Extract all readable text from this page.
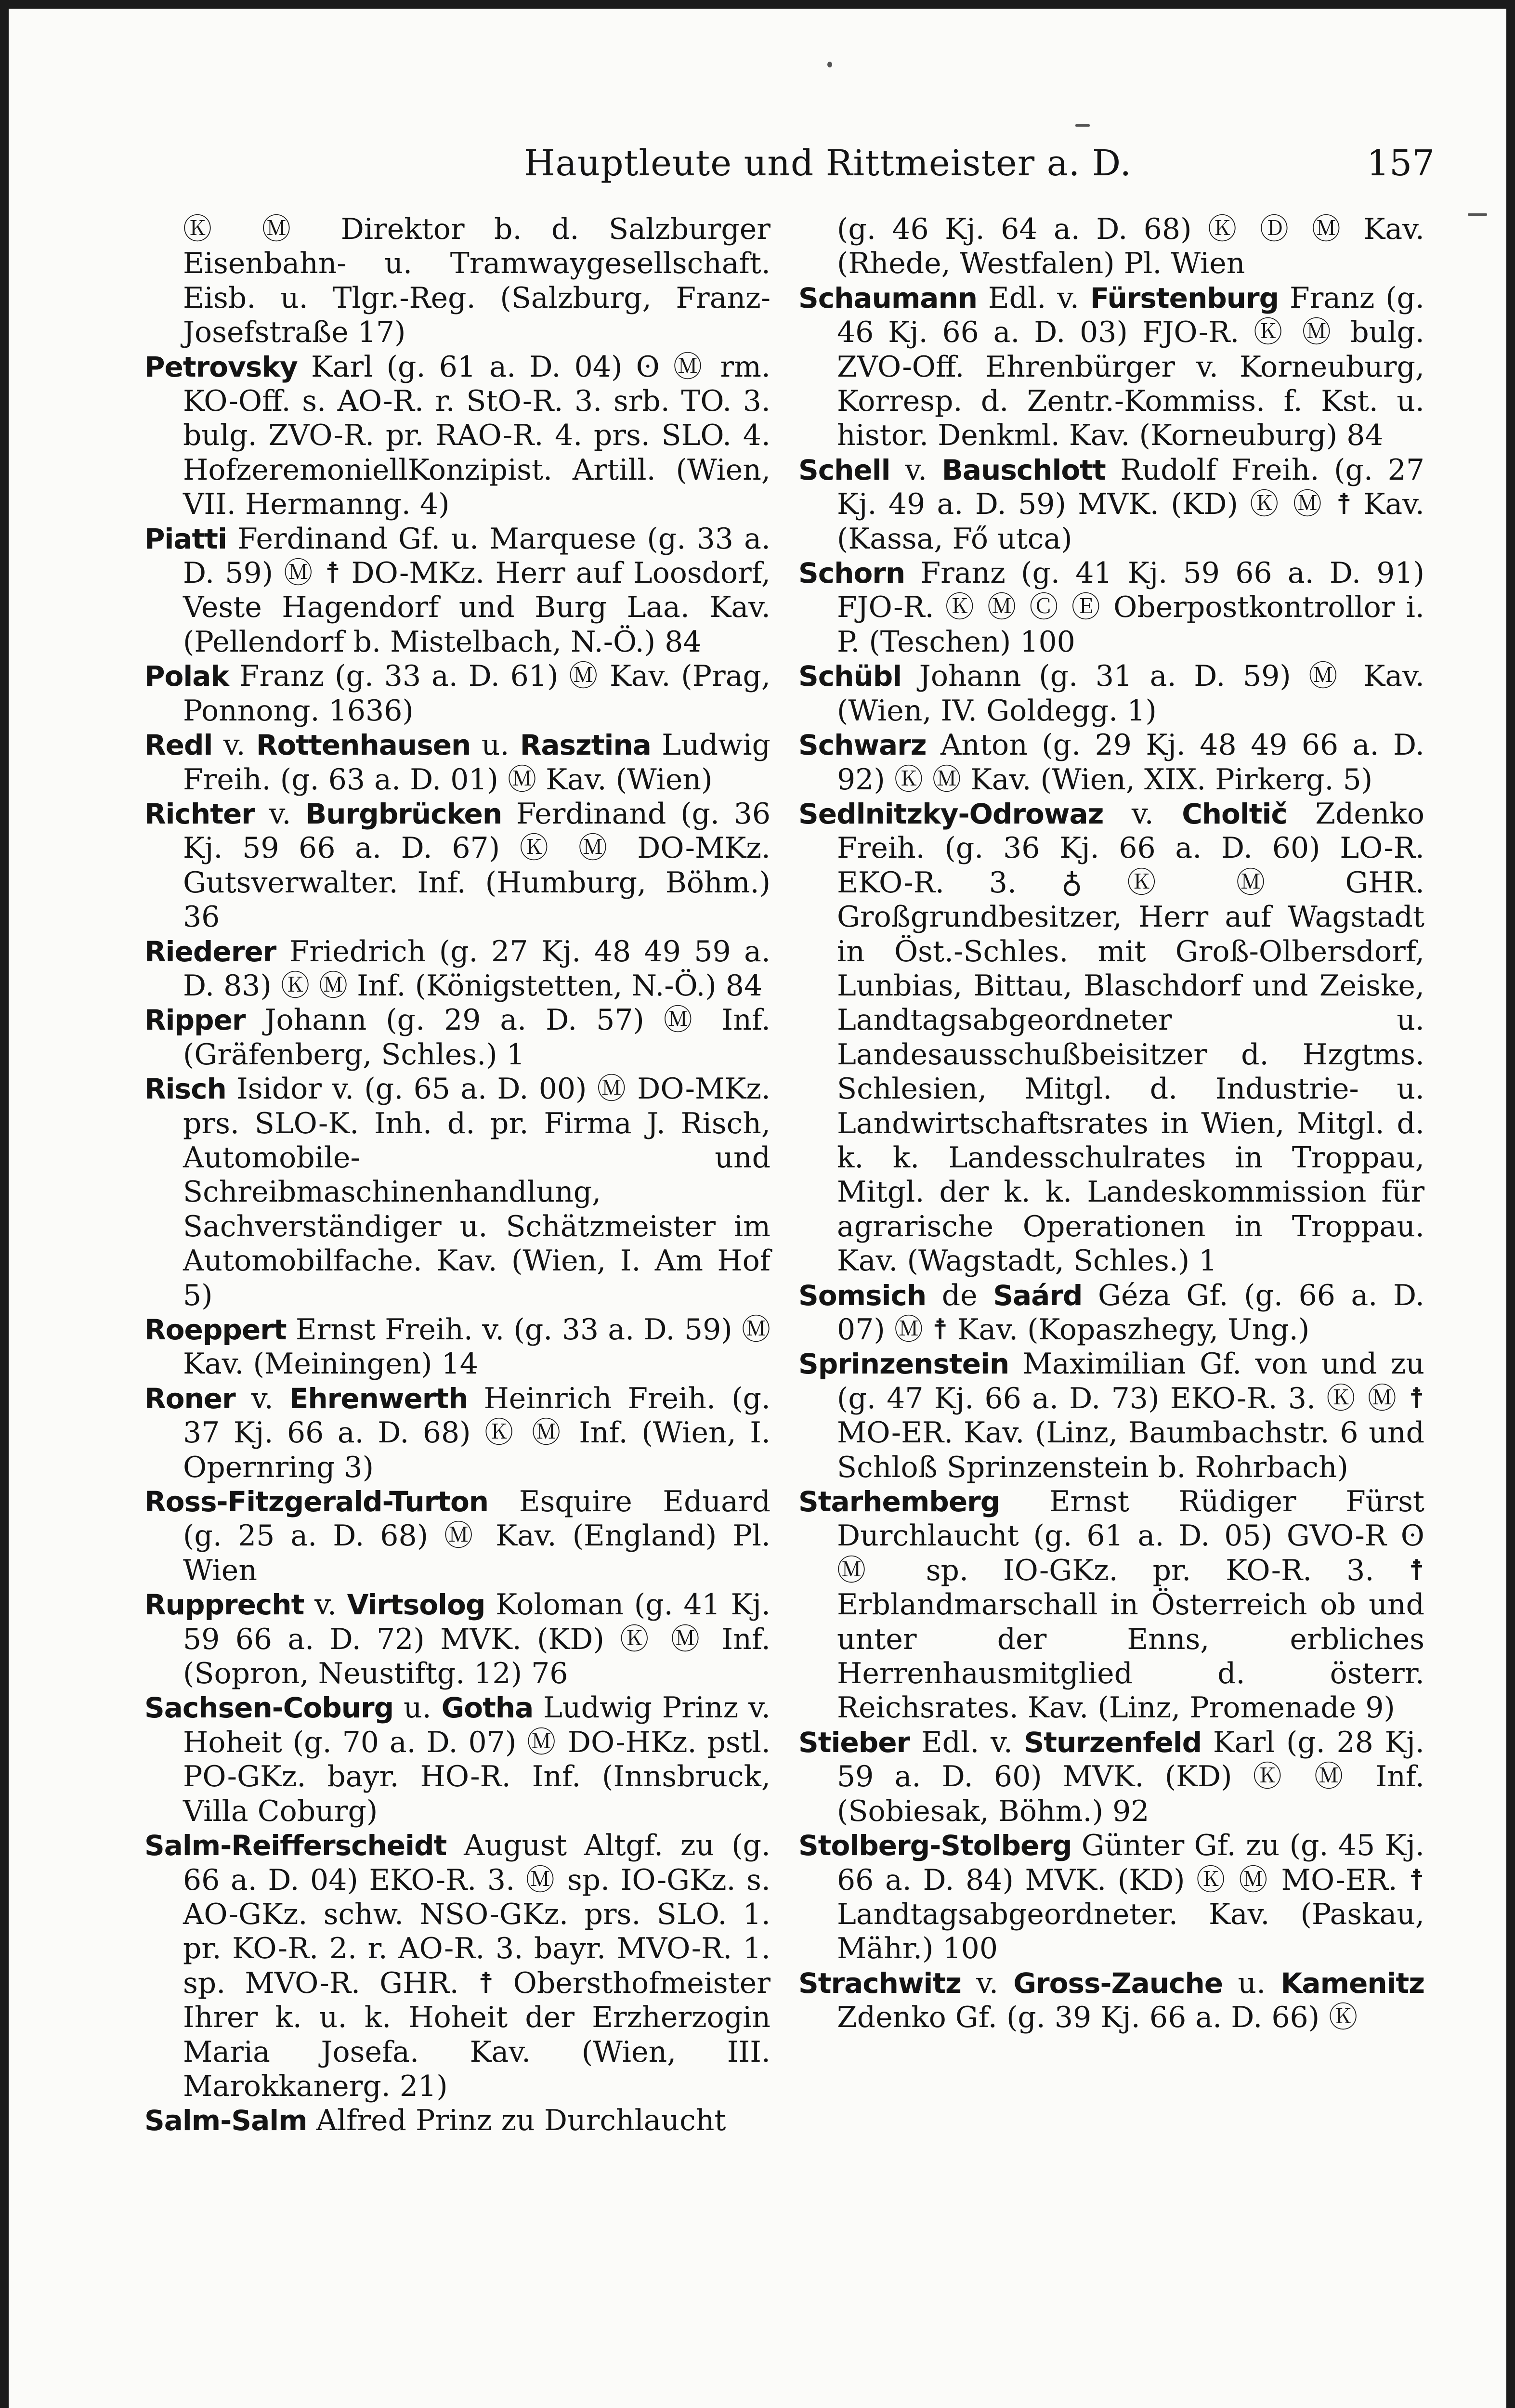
Hauptleute und Rittmeister a. D.	157

Ⓚ Ⓜ Direktor b. d. Salzburger Eisenbahn- u. Tramwaygesellschaft. Eisb. u. Tlgr.-Reg. (Salzburg, Franz-Josefstraße 17)

Petrovsky Karl (g. 61 a. D. 04) ʘ Ⓜ rm. KO-Off. s. AO-R. r. StO-R. 3. srb. TO. 3. bulg. ZVO-R. pr. RAO-R. 4. prs. SLO. 4. HofzeremoniellKonzipist. Artill. (Wien, VII. Hermanng. 4)

Piatti Ferdinand Gf. u. Marquese (g. 33 a. D. 59) Ⓜ ☨ DO-MKz. Herr auf Loosdorf, Veste Hagendorf und Burg Laa. Kav. (Pellendorf b. Mistelbach, N.-Ö.) 84

Polak Franz (g. 33 a. D. 61) Ⓜ Kav. (Prag, Ponnong. 1636)

Redl v. Rottenhausen u. Rasztina Ludwig Freih. (g. 63 a. D. 01) Ⓜ Kav. (Wien)

Richter v. Burgbrücken Ferdinand (g. 36 Kj. 59 66 a. D. 67) Ⓚ Ⓜ DO-MKz. Gutsverwalter. Inf. (Humburg, Böhm.) 36

Riederer Friedrich (g. 27 Kj. 48 49 59 a. D. 83) Ⓚ Ⓜ Inf. (Königstetten, N.-Ö.) 84

Ripper Johann (g. 29 a. D. 57) Ⓜ Inf. (Gräfenberg, Schles.) 1

Risch Isidor v. (g. 65 a. D. 00) Ⓜ DO-MKz. prs. SLO-K. Inh. d. pr. Firma J. Risch, Automobile- und Schreibmaschinenhandlung, Sachverständiger u. Schätzmeister im Automobilfache. Kav. (Wien, I. Am Hof 5)

Roeppert Ernst Freih. v. (g. 33 a. D. 59) Ⓜ Kav. (Meiningen) 14

Roner v. Ehrenwerth Heinrich Freih. (g. 37 Kj. 66 a. D. 68) Ⓚ Ⓜ Inf. (Wien, I. Opernring 3)

Ross-Fitzgerald-Turton Esquire Eduard (g. 25 a. D. 68) Ⓜ Kav. (England) Pl. Wien

Rupprecht v. Virtsolog Koloman (g. 41 Kj. 59 66 a. D. 72) MVK. (KD) Ⓚ Ⓜ Inf. (Sopron, Neustiftg. 12) 76

Sachsen-Coburg u. Gotha Ludwig Prinz v. Hoheit (g. 70 a. D. 07) Ⓜ DO-HKz. pstl. PO-GKz. bayr. HO-R. Inf. (Innsbruck, Villa Coburg)

Salm-Reifferscheidt August Altgf. zu (g. 66 a. D. 04) EKO-R. 3. Ⓜ sp. IO-GKz. s. AO-GKz. schw. NSO-GKz. prs. SLO. 1. pr. KO-R. 2. r. AO-R. 3. bayr. MVO-R. 1. sp. MVO-R. GHR. ☨ Obersthofmeister Ihrer k. u. k. Hoheit der Erzherzogin Maria Josefa. Kav. (Wien, III. Marokkanerg. 21)

Salm-Salm Alfred Prinz zu Durchlaucht

(g. 46 Kj. 64 a. D. 68) Ⓚ Ⓓ Ⓜ Kav. (Rhede, Westfalen) Pl. Wien

Schaumann Edl. v. Fürstenburg Franz (g. 46 Kj. 66 a. D. 03) FJO-R. Ⓚ Ⓜ bulg. ZVO-Off. Ehrenbürger v. Korneuburg, Korresp. d. Zentr.-Kommiss. f. Kst. u. histor. Denkml. Kav. (Korneuburg) 84

Schell v. Bauschlott Rudolf Freih. (g. 27 Kj. 49 a. D. 59) MVK. (KD) Ⓚ Ⓜ ☨ Kav. (Kassa, Fő utca)

Schorn Franz (g. 41 Kj. 59 66 a. D. 91) FJO-R. Ⓚ Ⓜ Ⓒ Ⓔ Oberpostkontrollor i. P. (Teschen) 100

Schübl Johann (g. 31 a. D. 59) Ⓜ Kav. (Wien, IV. Goldegg. 1)

Schwarz Anton (g. 29 Kj. 48 49 66 a. D. 92) Ⓚ Ⓜ Kav. (Wien, XIX. Pirkerg. 5)

Sedlnitzky-Odrowaz v. Choltič Zdenko Freih. (g. 36 Kj. 66 a. D. 60) LO-R. EKO-R. 3. ♁ Ⓚ Ⓜ GHR. Großgrundbesitzer, Herr auf Wagstadt in Öst.-Schles. mit Groß-Olbersdorf, Lunbias, Bittau, Blaschdorf und Zeiske, Landtagsabgeordneter u. Landesausschußbeisitzer d. Hzgtms. Schlesien, Mitgl. d. Industrie- u. Landwirtschaftsrates in Wien, Mitgl. d. k. k. Landesschulrates in Troppau, Mitgl. der k. k. Landeskommission für agrarische Operationen in Troppau. Kav. (Wagstadt, Schles.) 1

Somsich de Saárd Géza Gf. (g. 66 a. D. 07) Ⓜ ☨ Kav. (Kopaszhegy, Ung.)

Sprinzenstein Maximilian Gf. von und zu (g. 47 Kj. 66 a. D. 73) EKO-R. 3. Ⓚ Ⓜ ☨ MO-ER. Kav. (Linz, Baumbachstr. 6 und Schloß Sprinzenstein b. Rohrbach)

Starhemberg Ernst Rüdiger Fürst Durchlaucht (g. 61 a. D. 05) GVO-R ʘ Ⓜ sp. IO-GKz. pr. KO-R. 3. ☨ Erblandmarschall in Österreich ob und unter der Enns, erbliches Herrenhausmitglied d. österr. Reichsrates. Kav. (Linz, Promenade 9)

Stieber Edl. v. Sturzenfeld Karl (g. 28 Kj. 59 a. D. 60) MVK. (KD) Ⓚ Ⓜ Inf. (Sobiesak, Böhm.) 92

Stolberg-Stolberg Günter Gf. zu (g. 45 Kj. 66 a. D. 84) MVK. (KD) Ⓚ Ⓜ MO-ER. ☨ Landtagsabgeordneter. Kav. (Paskau, Mähr.) 100

Strachwitz v. Gross-Zauche u. Kamenitz Zdenko Gf. (g. 39 Kj. 66 a. D. 66) Ⓚ
